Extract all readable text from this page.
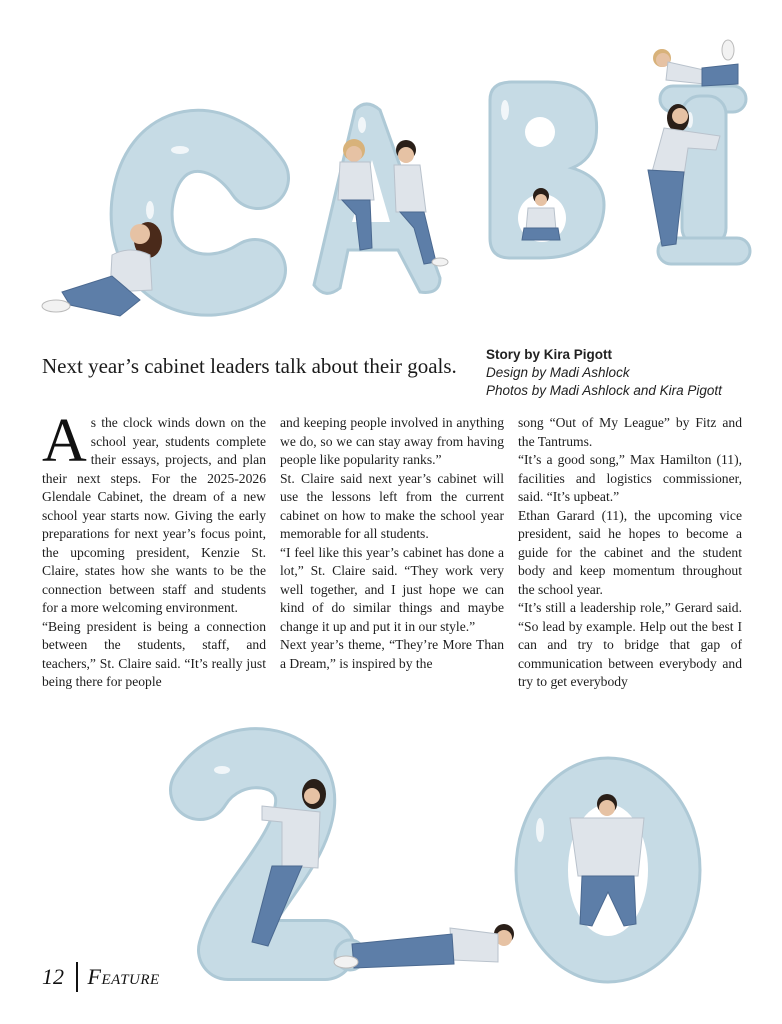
Next year’s cabinet leaders talk about their goals. Story by Kira Pigott
Design by Madi Ashlock
Photos by Madi Ashlock and Kira Pigott
A s the clock winds down on the school year, students complete their essays, projects, and plan their next steps. For the 2025-2026 Glendale Cabinet, the dream of a new school year starts now. Giving the early preparations for next year’s focus point, the upcoming president, Kenzie St. Claire, states how she wants to be the connection between staff and students for a more welcoming environment.

“Being president is being a connection between the students, staff, and teachers,” St. Claire said. “It’s really just being there for people

and keeping people involved in anything we do, so we can stay away from having people like popularity ranks.”

St. Claire said next year’s cabinet will use the lessons left from the current cabinet on how to make the school year memorable for all students.

“I feel like this year’s cabinet has done a lot,” St. Claire said. “They work very well together, and I just hope we can kind of do similar things and maybe change it up and put it in our style.”

Next year’s theme, “They’re More Than a Dream,” is inspired by the

song “Out of My League” by Fitz and the Tantrums.

“It’s a good song,” Max Hamilton (11), facilities and logistics commissioner, said. “It’s upbeat.”

Ethan Garard (11), the upcoming vice president, said he hopes to become a guide for the cabinet and the student body and keep momentum throughout the school year.

“It’s still a leadership role,” Gerard said. “So lead by example. Help out the best I can and try to bridge that gap of communication between everybody and try to get everybody

12 Feature
